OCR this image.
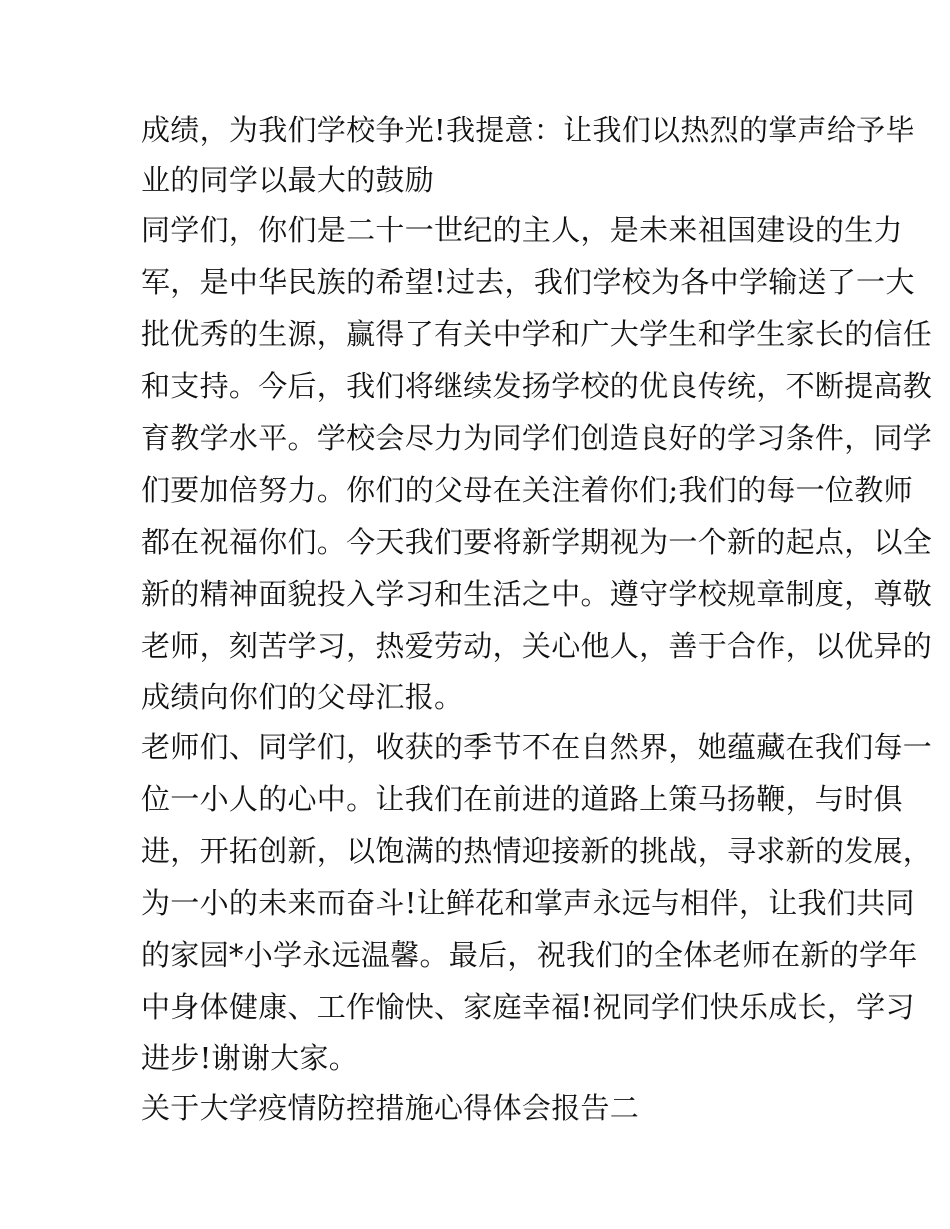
成绩，为我们学校争光!我提意：让我们以热烈的掌声给予毕
业的同学以最大的鼓励
同学们，你们是二十一世纪的主人，是未来祖国建设的生力
军，是中华民族的希望!过去，我们学校为各中学输送了一大
批优秀的生源，赢得了有关中学和广大学生和学生家长的信任
和支持。今后，我们将继续发扬学校的优良传统，不断提高教
育教学水平。学校会尽力为同学们创造良好的学习条件，同学
们要加倍努力。你们的父母在关注着你们;我们的每一位教师
都在祝福你们。今天我们要将新学期视为一个新的起点，以全
新的精神面貌投入学习和生活之中。遵守学校规章制度，尊敬
老师，刻苦学习，热爱劳动，关心他人，善于合作，以优异的
成绩向你们的父母汇报。
老师们、同学们，收获的季节不在自然界，她蕴藏在我们每一
位一小人的心中。让我们在前进的道路上策马扬鞭，与时俱
进，开拓创新，以饱满的热情迎接新的挑战，寻求新的发展，
为一小的未来而奋斗!让鲜花和掌声永远与相伴，让我们共同
的家园*小学永远温馨。最后，祝我们的全体老师在新的学年
中身体健康、工作愉快、家庭幸福!祝同学们快乐成长，学习
进步!谢谢大家。
关于大学疫情防控措施心得体会报告二
